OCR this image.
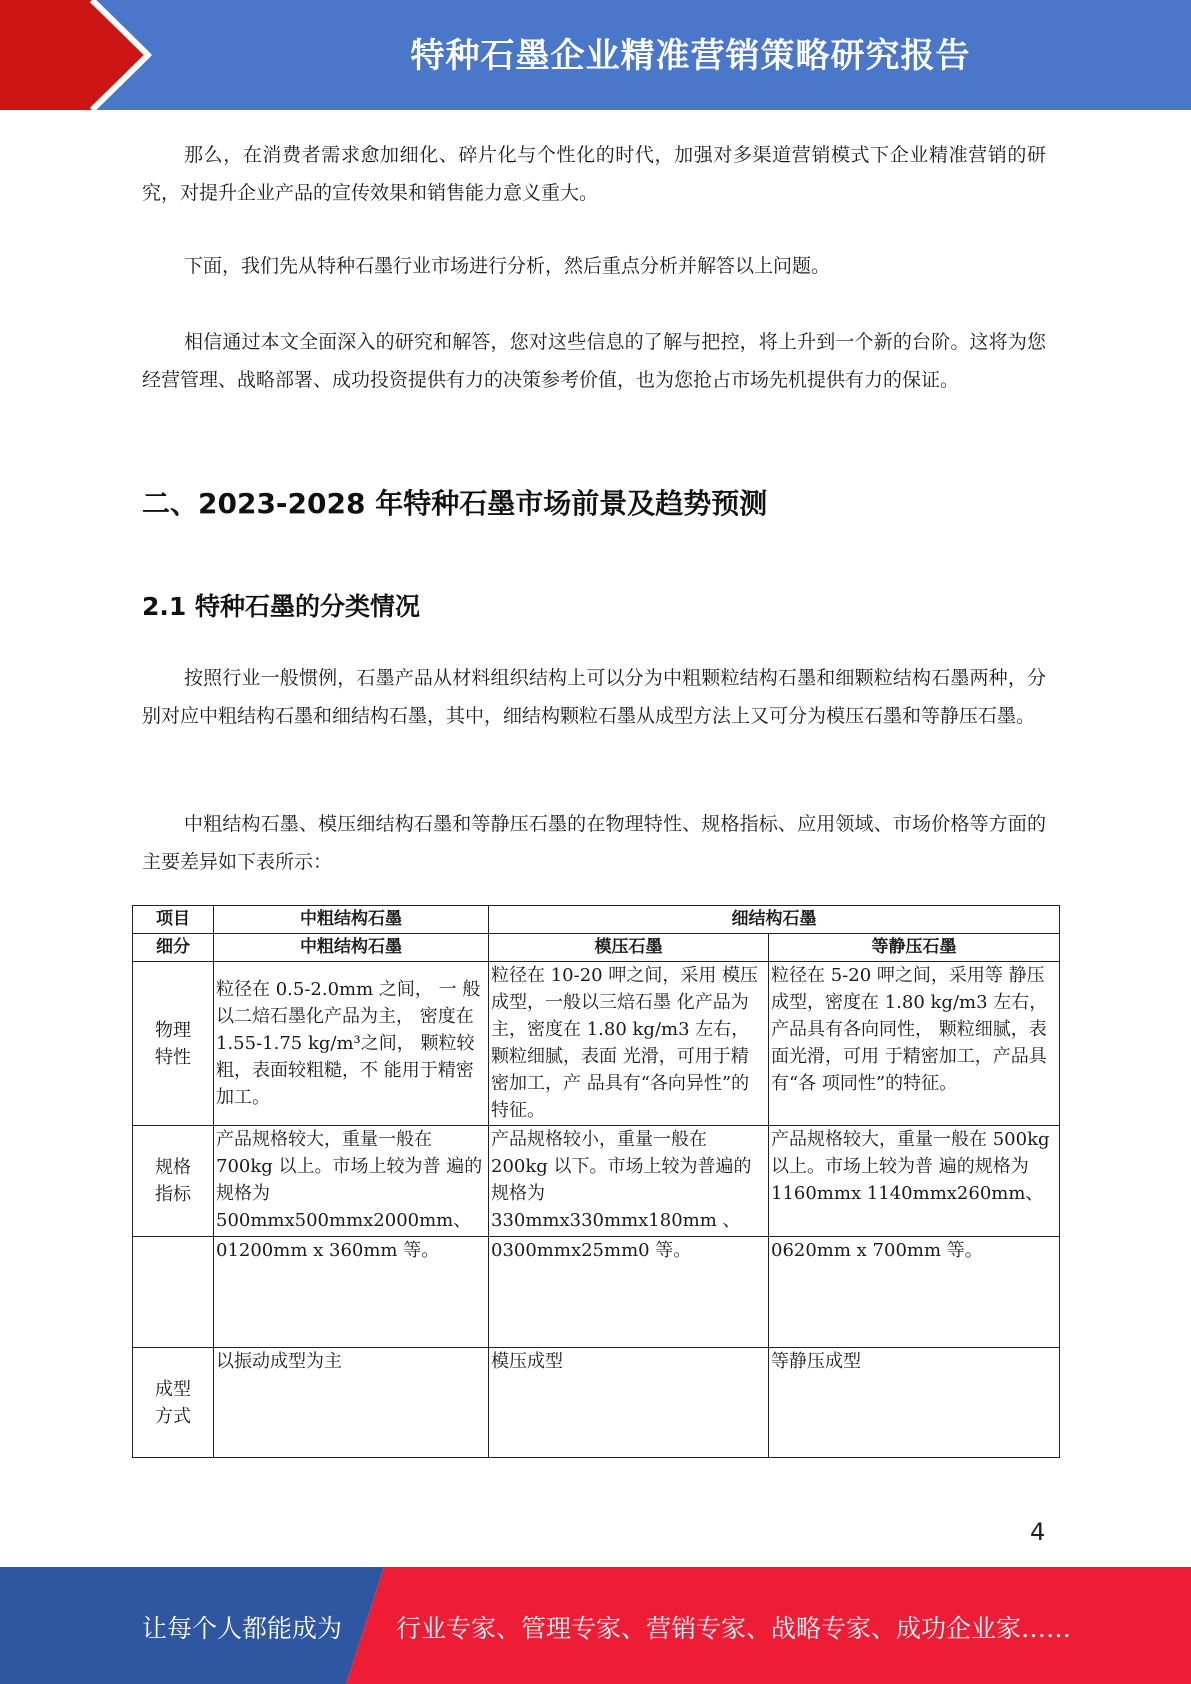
特种石墨企业精准营销策略研究报告

那么，在消费者需求愈加细化、碎片化与个性化的时代，加强对多渠道营销模式下企业精准营销的研究，对提升企业产品的宣传效果和销售能力意义重大。

下面，我们先从特种石墨行业市场进行分析，然后重点分析并解答以上问题。

相信通过本文全面深入的研究和解答，您对这些信息的了解与把控，将上升到一个新的台阶。这将为您经营管理、战略部署、成功投资提供有力的决策参考价值，也为您抢占市场先机提供有力的保证。

二、2023-2028 年特种石墨市场前景及趋势预测
2.1 特种石墨的分类情况

按照行业一般惯例，石墨产品从材料组织结构上可以分为中粗颗粒结构石墨和细颗粒结构石墨两种，分别对应中粗结构石墨和细结构石墨，其中，细结构颗粒石墨从成型方法上又可分为模压石墨和等静压石墨。

中粗结构石墨、模压细结构石墨和等静压石墨的在物理特性、规格指标、应用领域、市场价格等方面的主要差异如下表所示：

项目	中粗结构石墨	细结构石墨	
细分	中粗结构石墨	模压石墨	等静压石墨

物理
特性	粒径在 0.5-2.0mm 之间， 一 般以二焙石墨化产品为主， 密度在 1.55-1.75 kg/m³之间， 颗粒较粗，表面较粗糙，不 能用于精密加工。	粒径在 10-20 呷之间，采用 模压成型，一般以三焙石墨 化产品为主，密度在 1.80 kg/m3 左右，颗粒细腻，表面 光滑，可用于精密加工，产 品具有“各向异性”的特征。	粒径在 5-20 呷之间，采用等 静压成型，密度在 1.80 kg/m3 左右，产品具有各向同性， 颗粒细腻，表面光滑，可用 于精密加工，产品具有“各 项同性”的特征。

规格
指标	产品规格较大，重量一般在 700kg 以上。市场上较为普 遍的规格为 500mmx500mmx2000mm、	产品规格较小，重量一般在 200kg 以下。市场上较为普遍的规格为 330mmx330mmx180mm 、	产品规格较大，重量一般在 500kg 以上。市场上较为普 遍的规格为 1160mmx 1140mmx260mm、
	01200mm x 360mm 等。	0300mmx25mm0 等。	0620mm x 700mm 等。

成型
方式	以振动成型为主	模压成型	等静压成型
4
让每个人都能成为 行业专家、管理专家、营销专家、战略专家、成功企业家……
